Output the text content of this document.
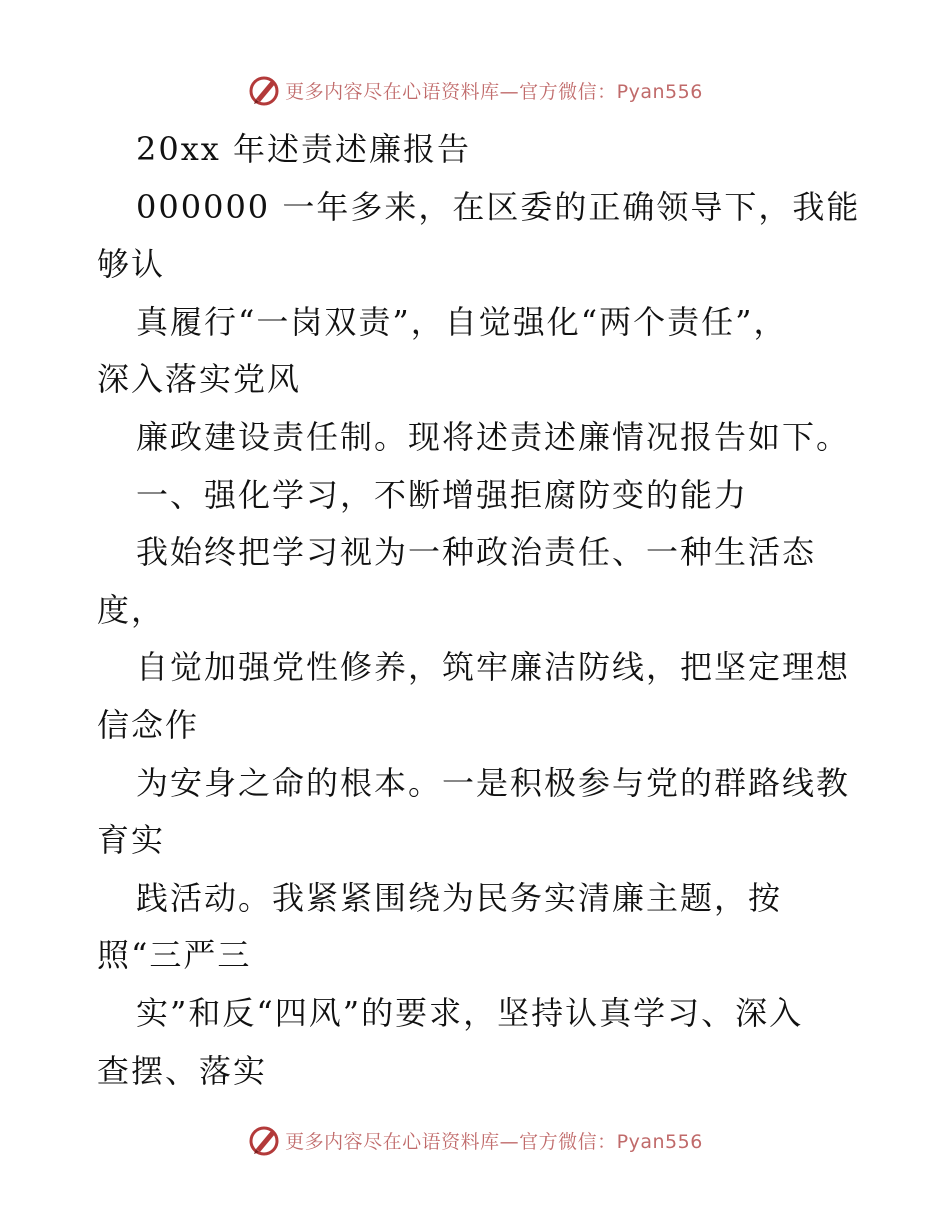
更多内容尽在心语资料库—官方微信：Pyan556
20xx 年述责述廉报告
000000 一年多来，在区委的正确领导下，我能
够认
真履行“一岗双责”，自觉强化“两个责任”，
深入落实党风
廉政建设责任制。现将述责述廉情况报告如下。
一、强化学习，不断增强拒腐防变的能力
我始终把学习视为一种政治责任、一种生活态
度，
自觉加强党性修养，筑牢廉洁防线，把坚定理想
信念作
为安身之命的根本。一是积极参与党的群路线教
育实
践活动。我紧紧围绕为民务实清廉主题，按
照“三严三
实”和反“四风”的要求，坚持认真学习、深入
查摆、落实
更多内容尽在心语资料库—官方微信：Pyan556
